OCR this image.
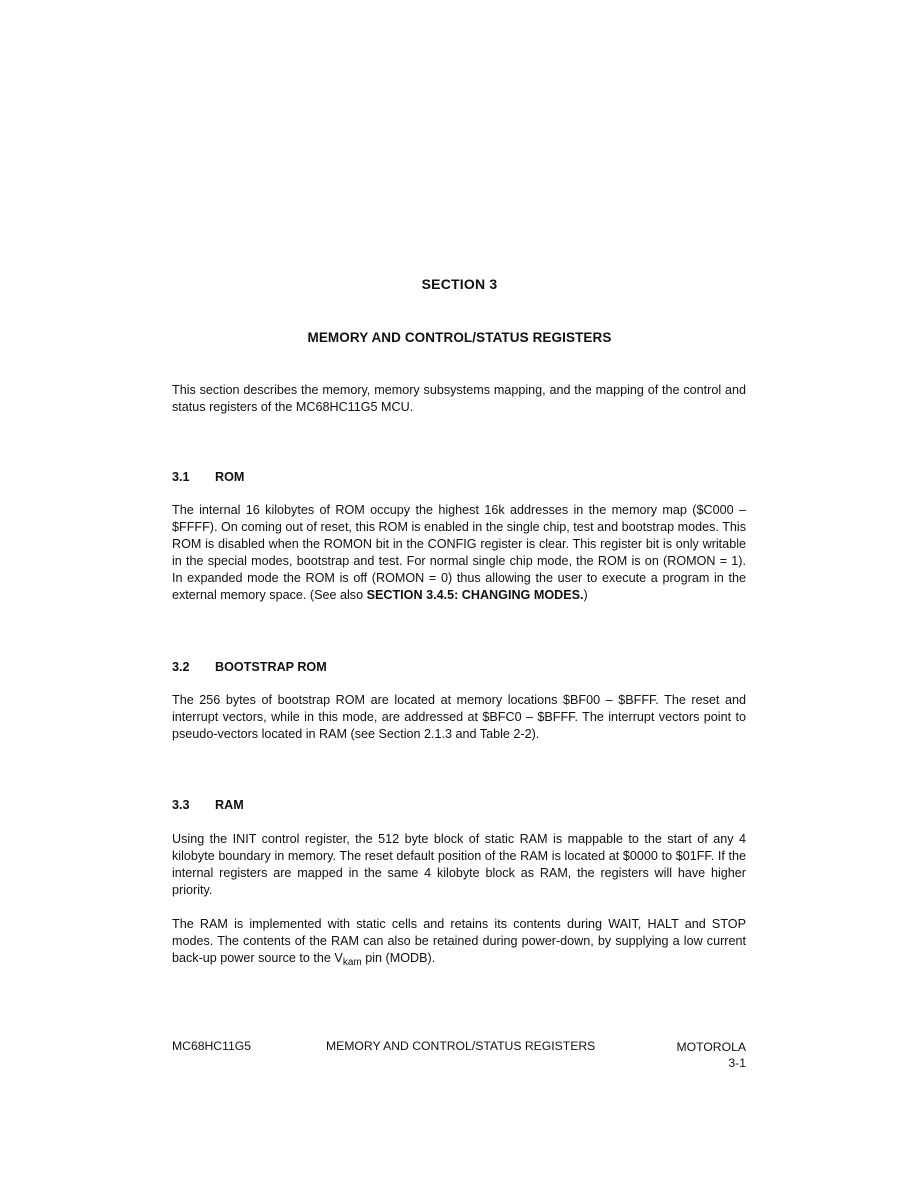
SECTION 3
MEMORY AND CONTROL/STATUS REGISTERS

This section describes the memory, memory subsystems mapping, and the mapping of the control and status registers of the MC68HC11G5 MCU.

3.1 ROM

The internal 16 kilobytes of ROM occupy the highest 16k addresses in the memory map ($C000 – $FFFF). On coming out of reset, this ROM is enabled in the single chip, test and bootstrap modes. This ROM is disabled when the ROMON bit in the CONFIG register is clear. This register bit is only writable in the special modes, bootstrap and test. For normal single chip mode, the ROM is on (ROMON = 1). In expanded mode the ROM is off (ROMON = 0) thus allowing the user to execute a program in the external memory space. (See also SECTION 3.4.5: CHANGING MODES.)

3.2 BOOTSTRAP ROM

The 256 bytes of bootstrap ROM are located at memory locations $BF00 – $BFFF. The reset and interrupt vectors, while in this mode, are addressed at $BFC0 – $BFFF. The interrupt vectors point to pseudo-vectors located in RAM (see Section 2.1.3 and Table 2-2).

3.3 RAM

Using the INIT control register, the 512 byte block of static RAM is mappable to the start of any 4 kilobyte boundary in memory. The reset default position of the RAM is located at $0000 to $01FF. If the internal registers are mapped in the same 4 kilobyte block as RAM, the registers will have higher priority.

The RAM is implemented with static cells and retains its contents during WAIT, HALT and STOP modes. The contents of the RAM can also be retained during power-down, by supplying a low current back-up power source to the $V_{kam}$ pin (MODB).

MC68HC11G5	MEMORY AND CONTROL/STATUS REGISTERS	MOTOROLA
3-1
